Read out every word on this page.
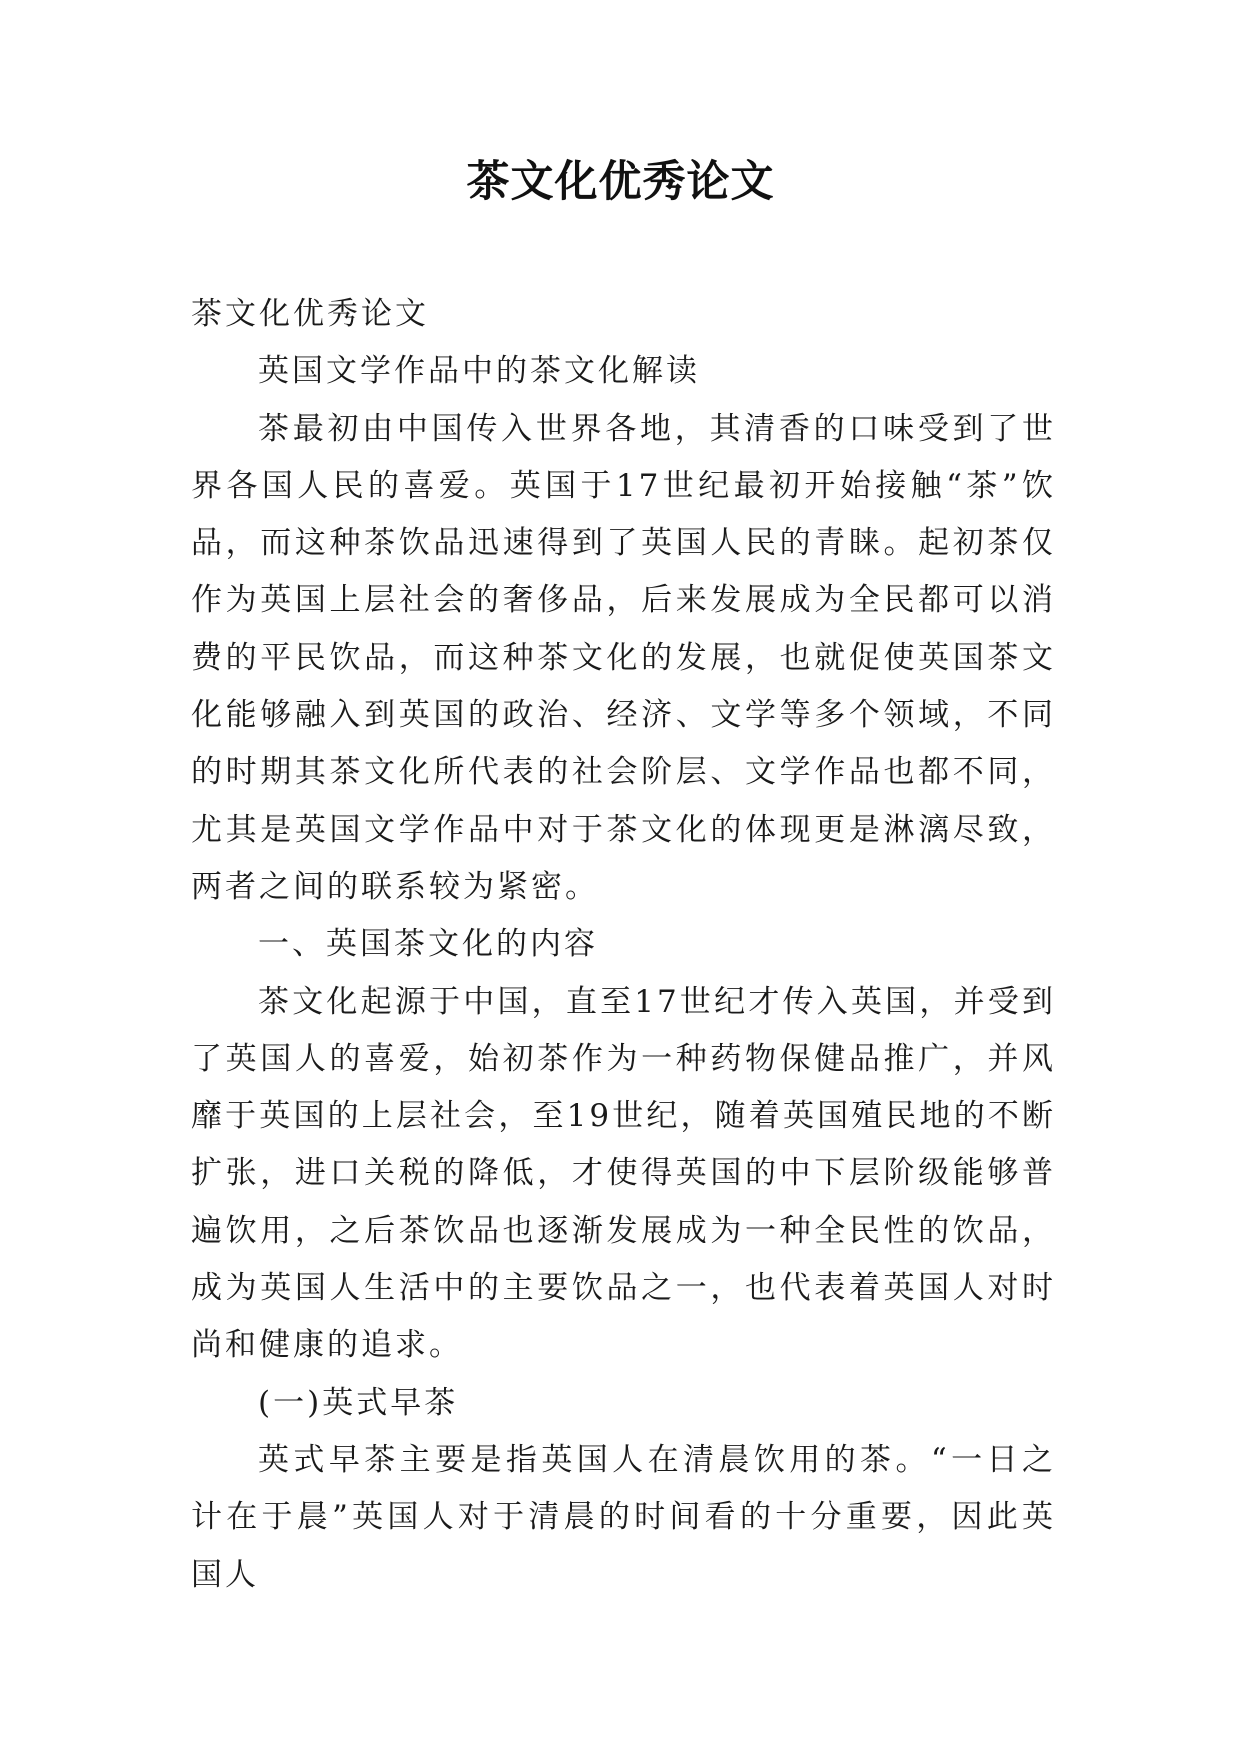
茶文化优秀论文

茶文化优秀论文

英国文学作品中的茶文化解读

茶最初由中国传入世界各地，其清香的口味受到了世界各国人民的喜爱。英国于17世纪最初开始接触“茶”饮品，而这种茶饮品迅速得到了英国人民的青睐。起初茶仅作为英国上层社会的奢侈品，后来发展成为全民都可以消费的平民饮品，而这种茶文化的发展，也就促使英国茶文化能够融入到英国的政治、经济、文学等多个领域，不同的时期其茶文化所代表的社会阶层、文学作品也都不同，尤其是英国文学作品中对于茶文化的体现更是淋漓尽致，两者之间的联系较为紧密。

一、英国茶文化的内容

茶文化起源于中国，直至17世纪才传入英国，并受到了英国人的喜爱，始初茶作为一种药物保健品推广，并风靡于英国的上层社会，至19世纪，随着英国殖民地的不断扩张，进口关税的降低，才使得英国的中下层阶级能够普遍饮用，之后茶饮品也逐渐发展成为一种全民性的饮品，成为英国人生活中的主要饮品之一，也代表着英国人对时尚和健康的追求。

(一)英式早茶

英式早茶主要是指英国人在清晨饮用的茶。“一日之计在于晨”英国人对于清晨的时间看的十分重要，因此英国人
